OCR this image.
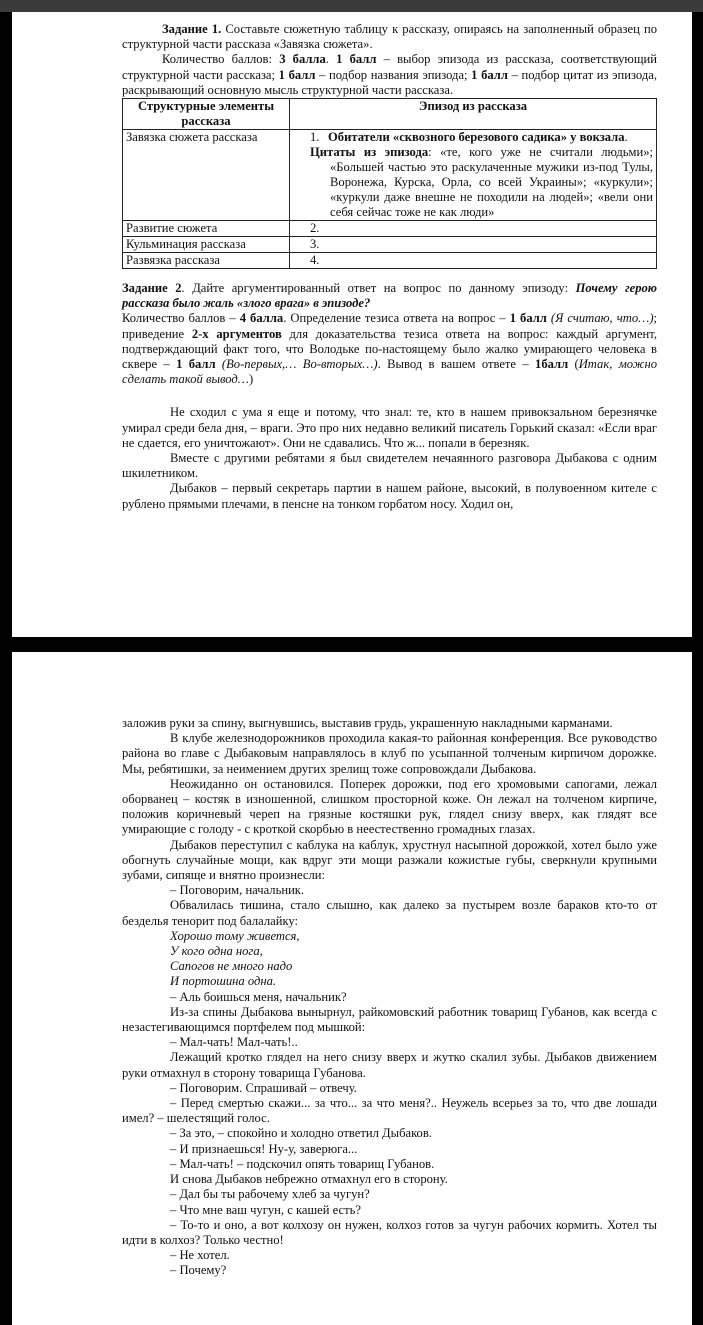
Задание 1. Составьте сюжетную таблицу к рассказу, опираясь на заполненный образец по структурной части рассказа «Завязка сюжета».

Количество баллов: 3 балла. 1 балл – выбор эпизода из рассказа, соответствующий структурной части рассказа; 1 балл – подбор названия эпизода; 1 балл – подбор цитат из эпизода, раскрывающий основную мысль структурной части рассказа.

Структурные элементы рассказа	Эпизод из рассказа
Завязка сюжета рассказа	1. Обитатели «сквозного березового садика» у вокзала.
Цитаты из эпизода: «те, кого уже не считали людьми»; «Большей частью это раскулаченные мужики из-под Тулы, Воронежа, Курска, Орла, со всей Украины»; «куркули»; «куркули даже внешне не походили на людей»; «вели они себя сейчас тоже не как люди»
Развитие сюжета	2.
Кульминация рассказа	3.
Развязка рассказа	4.

Задание 2. Дайте аргументированный ответ на вопрос по данному эпизоду: Почему герою рассказа было жаль «злого врага» в эпизоде?

Количество баллов – 4 балла. Определение тезиса ответа на вопрос – 1 балл (Я считаю, что…); приведение 2-х аргументов для доказательства тезиса ответа на вопрос: каждый аргумент, подтверждающий факт того, что Володьке по-настоящему было жалко умирающего человека в сквере – 1 балл (Во-первых,… Во-вторых…). Вывод в вашем ответе – 1балл (Итак, можно сделать такой вывод…)

Не сходил с ума я еще и потому, что знал: те, кто в нашем привокзальном березнячке умирал среди бела дня, – враги. Это про них недавно великий писатель Горький сказал: «Если враг не сдается, его уничтожают». Они не сдавались. Что ж... попали в березняк.

Вместе с другими ребятами я был свидетелем нечаянного разговора Дыбакова с одним шкилетником.

Дыбаков – первый секретарь партии в нашем районе, высокий, в полувоенном кителе с рублено прямыми плечами, в пенсне на тонком горбатом носу. Ходил он,

заложив руки за спину, выгнувшись, выставив грудь, украшенную накладными карманами.

В клубе железнодорожников проходила какая-то районная конференция. Все руководство района во главе с Дыбаковым направлялось в клуб по усыпанной толченым кирпичом дорожке. Мы, ребятишки, за неимением других зрелищ тоже сопровождали Дыбакова.

Неожиданно он остановился. Поперек дорожки, под его хромовыми сапогами, лежал оборванец – костяк в изношенной, слишком просторной коже. Он лежал на толченом кирпиче, положив коричневый череп на грязные костяшки рук, глядел снизу вверх, как глядят все умирающие с голоду - с кроткой скорбью в неестественно громадных глазах.

Дыбаков переступил с каблука на каблук, хрустнул насыпной дорожкой, хотел было уже обогнуть случайные мощи, как вдруг эти мощи разжали кожистые губы, сверкнули крупными зубами, сипяще и внятно произнесли:

– Поговорим, начальник.

Обвалилась тишина, стало слышно, как далеко за пустырем возле бараков кто-то от безделья тенорит под балалайку:

Хорошо тому живется,

У кого одна нога,

Сапогов не много надо

И портошина одна.

– Аль боишься меня, начальник?

Из-за спины Дыбакова вынырнул, райкомовский работник товарищ Губанов, как всегда с незастегивающимся портфелем под мышкой:

– Мал-чать! Мал-чать!..

Лежащий кротко глядел на него снизу вверх и жутко скалил зубы. Дыбаков движением руки отмахнул в сторону товарища Губанова.

– Поговорим. Спрашивай – отвечу.

– Перед смертью скажи... за что... за что меня?.. Неужель всерьез за то, что две лошади имел? – шелестящий голос.

– За это, – спокойно и холодно ответил Дыбаков.

– И признаешься! Ну-у, заверюга...

– Мал-чать! – подскочил опять товарищ Губанов.

И снова Дыбаков небрежно отмахнул его в сторону.

– Дал бы ты рабочему хлеб за чугун?

– Что мне ваш чугун, с кашей есть?

– То-то и оно, а вот колхозу он нужен, колхоз готов за чугун рабочих кормить. Хотел ты идти в колхоз? Только честно!

– Не хотел.

– Почему?
